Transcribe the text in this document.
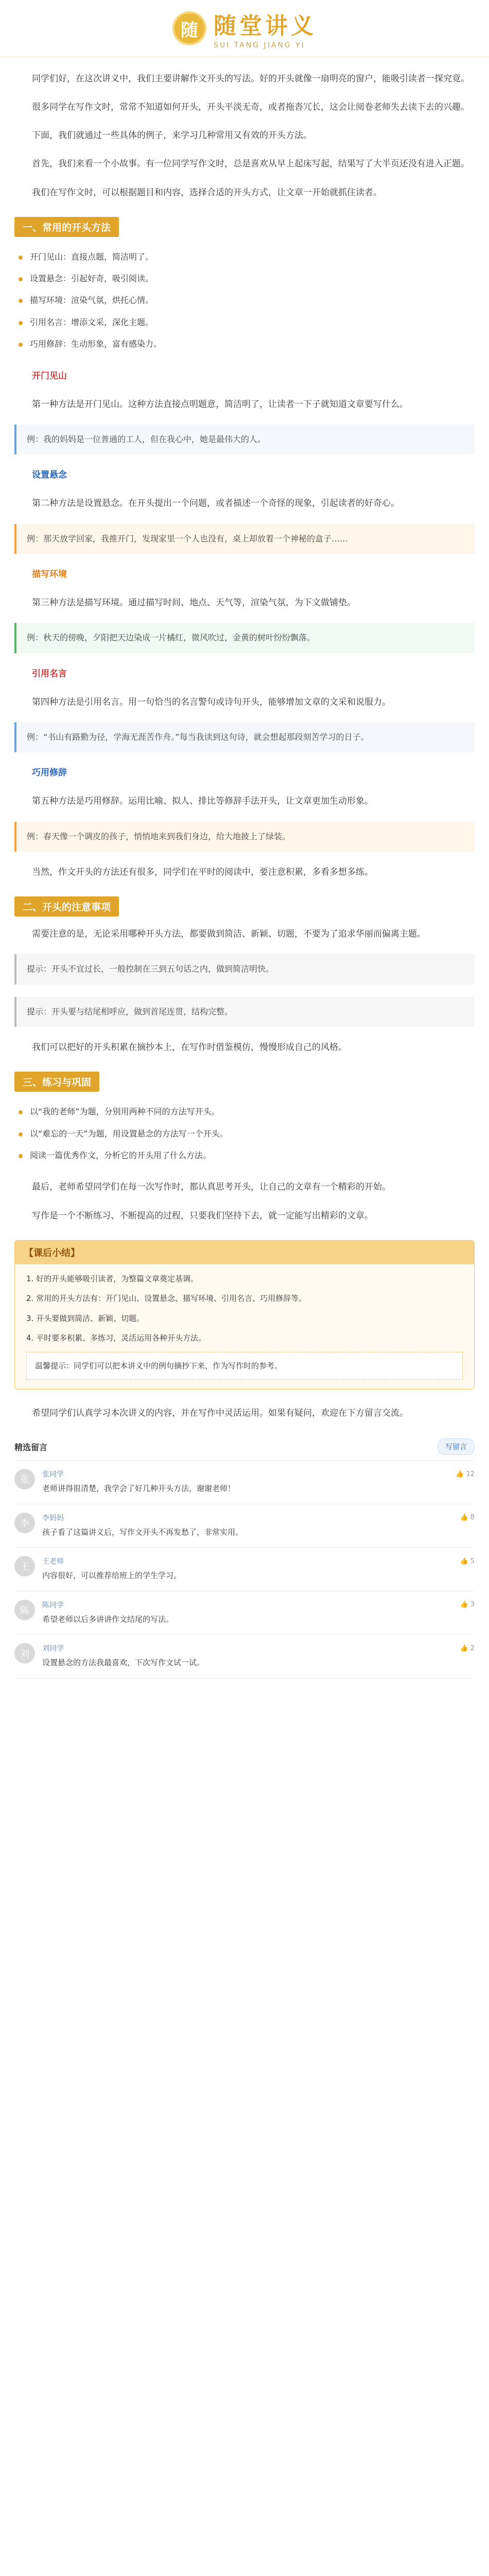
随 随堂讲义
SUI TANG JIANG YI

同学们好，在这次讲义中，我们主要讲解作文开头的写法。好的开头就像一扇明亮的窗户，能吸引读者一探究竟。

很多同学在写作文时，常常不知道如何开头，开头平淡无奇，或者拖沓冗长，这会让阅卷老师失去读下去的兴趣。

下面，我们就通过一些具体的例子，来学习几种常用又有效的开头方法。

首先，我们来看一个小故事。有一位同学写作文时，总是喜欢从早上起床写起，结果写了大半页还没有进入正题。

我们在写作文时，可以根据题目和内容，选择合适的开头方式，让文章一开始就抓住读者。

一、常用的开头方法
开门见山：直接点题，简洁明了。
设置悬念：引起好奇，吸引阅读。
描写环境：渲染气氛，烘托心情。
引用名言：增添文采，深化主题。
巧用修辞：生动形象，富有感染力。

开门见山

第一种方法是开门见山。这种方法直接点明题意，简洁明了，让读者一下子就知道文章要写什么。

例：我的妈妈是一位普通的工人，但在我心中，她是最伟大的人。

设置悬念

第二种方法是设置悬念。在开头提出一个问题，或者描述一个奇怪的现象，引起读者的好奇心。

例：那天放学回家，我推开门，发现家里一个人也没有，桌上却放着一个神秘的盒子……

描写环境

第三种方法是描写环境。通过描写时间、地点、天气等，渲染气氛，为下文做铺垫。

例：秋天的傍晚，夕阳把天边染成一片橘红，微风吹过，金黄的树叶纷纷飘落。

引用名言

第四种方法是引用名言。用一句恰当的名言警句或诗句开头，能够增加文章的文采和说服力。

例：“书山有路勤为径，学海无涯苦作舟。”每当我读到这句诗，就会想起那段刻苦学习的日子。

巧用修辞

第五种方法是巧用修辞。运用比喻、拟人、排比等修辞手法开头，让文章更加生动形象。

例：春天像一个调皮的孩子，悄悄地来到我们身边，给大地披上了绿装。

当然，作文开头的方法还有很多，同学们在平时的阅读中，要注意积累，多看多想多练。

二、开头的注意事项

需要注意的是，无论采用哪种开头方法，都要做到简洁、新颖、切题，不要为了追求华丽而偏离主题。

提示：开头不宜过长，一般控制在三到五句话之内，做到简洁明快。
提示：开头要与结尾相呼应，做到首尾连贯，结构完整。

我们可以把好的开头积累在摘抄本上，在写作时借鉴模仿，慢慢形成自己的风格。

三、练习与巩固
以“我的老师”为题，分别用两种不同的方法写开头。
以“难忘的一天”为题，用设置悬念的方法写一个开头。
阅读一篇优秀作文，分析它的开头用了什么方法。

最后，老师希望同学们在每一次写作时，都认真思考开头，让自己的文章有一个精彩的开始。

写作是一个不断练习、不断提高的过程，只要我们坚持下去，就一定能写出精彩的文章。

【课后小结】

1. 好的开头能够吸引读者，为整篇文章奠定基调。

2. 常用的开头方法有：开门见山、设置悬念、描写环境、引用名言、巧用修辞等。

3. 开头要做到简洁、新颖、切题。

4. 平时要多积累、多练习，灵活运用各种开头方法。

温馨提示：同学们可以把本讲义中的例句摘抄下来，作为写作时的参考。

希望同学们认真学习本次讲义的内容，并在写作中灵活运用。如果有疑问，欢迎在下方留言交流。

精选留言	写留言
张	张同学	👍 12
老师讲得很清楚，我学会了好几种开头方法，谢谢老师！
李	李妈妈	👍 8
孩子看了这篇讲义后，写作文开头不再发愁了，非常实用。
王	王老师	👍 5
内容很好，可以推荐给班上的学生学习。
陈	陈同学	👍 3
希望老师以后多讲讲作文结尾的写法。
刘	刘同学	👍 2
设置悬念的方法我最喜欢，下次写作文试一试。
